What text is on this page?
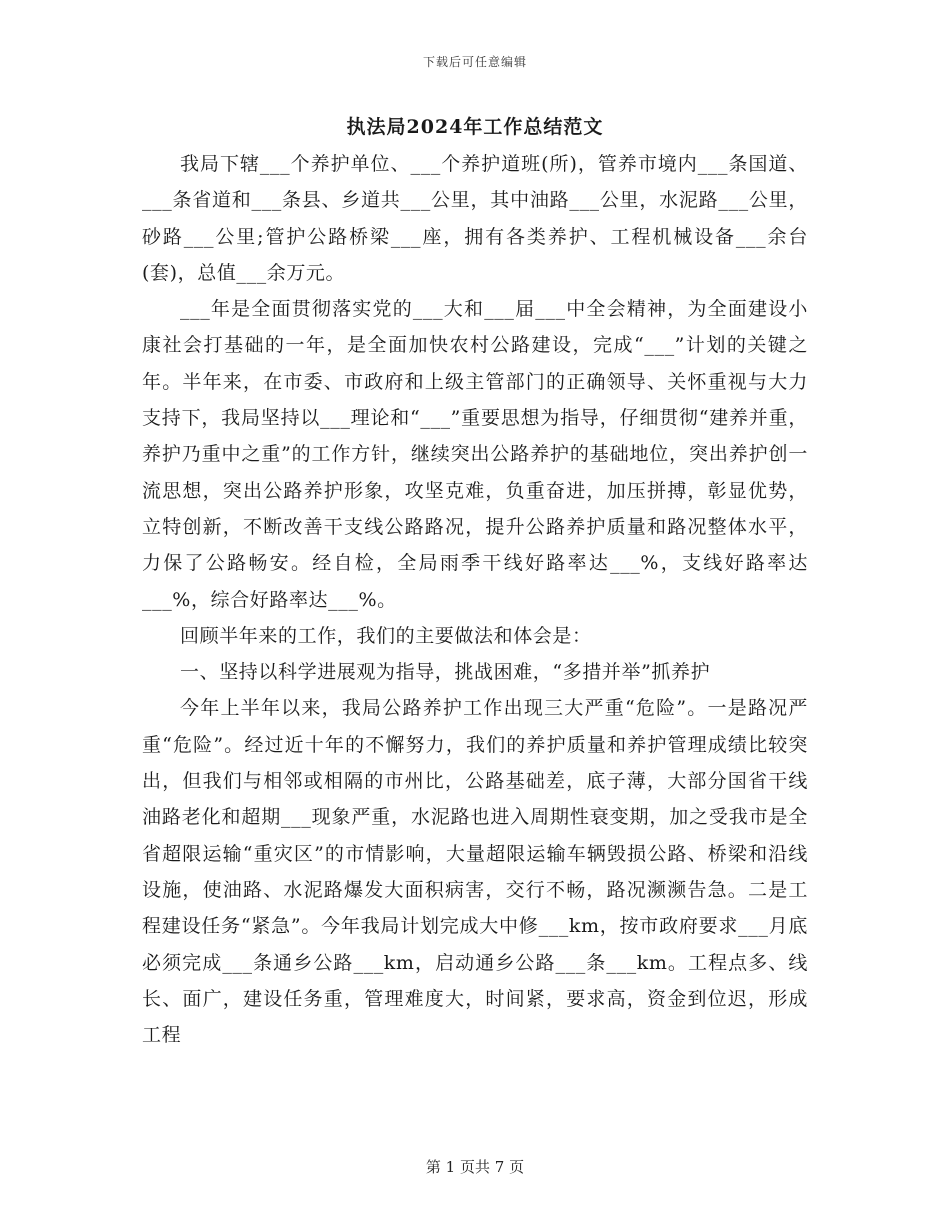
下载后可任意编辑
执法局2024年工作总结范文

我局下辖___个养护单位、___个养护道班(所)，管养市境内___条国道、___条省道和___条县、乡道共___公里，其中油路___公里，水泥路___公里，砂路___公里;管护公路桥梁___座，拥有各类养护、工程机械设备___余台(套)，总值___余万元。

___年是全面贯彻落实党的___大和___届___中全会精神，为全面建设小康社会打基础的一年，是全面加快农村公路建设，完成“___”计划的关键之年。半年来，在市委、市政府和上级主管部门的正确领导、关怀重视与大力支持下，我局坚持以___理论和“___”重要思想为指导，仔细贯彻“建养并重，养护乃重中之重”的工作方针，继续突出公路养护的基础地位，突出养护创一流思想，突出公路养护形象，攻坚克难，负重奋进，加压拼搏，彰显优势，立特创新，不断改善干支线公路路况，提升公路养护质量和路况整体水平，力保了公路畅安。经自检，全局雨季干线好路率达___%，支线好路率达___%，综合好路率达___%。

回顾半年来的工作，我们的主要做法和体会是：

一、坚持以科学进展观为指导，挑战困难，“多措并举”抓养护

今年上半年以来，我局公路养护工作出现三大严重“危险”。一是路况严重“危险”。经过近十年的不懈努力，我们的养护质量和养护管理成绩比较突出，但我们与相邻或相隔的市州比，公路基础差，底子薄，大部分国省干线油路老化和超期___现象严重，水泥路也进入周期性衰变期，加之受我市是全省超限运输“重灾区”的市情影响，大量超限运输车辆毁损公路、桥梁和沿线设施，使油路、水泥路爆发大面积病害，交行不畅，路况濒濒告急。二是工程建设任务“紧急”。今年我局计划完成大中修___km，按市政府要求___月底必须完成___条通乡公路___km，启动通乡公路___条___km。工程点多、线长、面广，建设任务重，管理难度大，时间紧，要求高，资金到位迟，形成工程

第 1 页共 7 页
